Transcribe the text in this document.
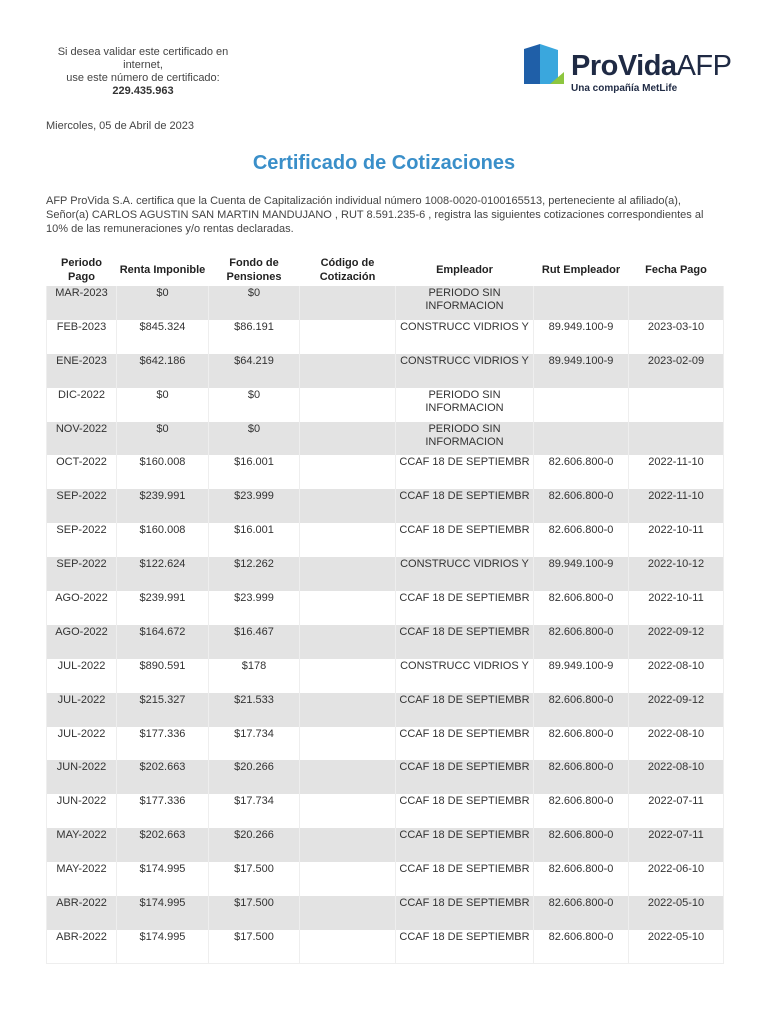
Si desea validar este certificado en
internet,
use este número de certificado:
229.435.963
ProVidaAFP
Una compañía MetLife
Miercoles, 05 de Abril de 2023
Certificado de Cotizaciones

AFP ProVida S.A. certifica que la Cuenta de Capitalización individual número 1008-0020-0100165513, perteneciente al afiliado(a), Señor(a) CARLOS AGUSTIN SAN MARTIN MANDUJANO , RUT 8.591.235-6 , registra las siguientes cotizaciones correspondientes al 10% de las remuneraciones y/o rentas declaradas.

Periodo Pago	Renta Imponible	Fondo de Pensiones	Código de Cotización	Empleador	Rut Empleador	Fecha Pago
MAR-2023	$0	$0		PERIODO SIN INFORMACION		
FEB-2023	$845.324	$86.191		CONSTRUCC VIDRIOS Y	89.949.100-9	2023-03-10
ENE-2023	$642.186	$64.219		CONSTRUCC VIDRIOS Y	89.949.100-9	2023-02-09
DIC-2022	$0	$0		PERIODO SIN INFORMACION		
NOV-2022	$0	$0		PERIODO SIN INFORMACION		
OCT-2022	$160.008	$16.001		CCAF 18 DE SEPTIEMBR	82.606.800-0	2022-11-10
SEP-2022	$239.991	$23.999		CCAF 18 DE SEPTIEMBR	82.606.800-0	2022-11-10
SEP-2022	$160.008	$16.001		CCAF 18 DE SEPTIEMBR	82.606.800-0	2022-10-11
SEP-2022	$122.624	$12.262		CONSTRUCC VIDRIOS Y	89.949.100-9	2022-10-12
AGO-2022	$239.991	$23.999		CCAF 18 DE SEPTIEMBR	82.606.800-0	2022-10-11
AGO-2022	$164.672	$16.467		CCAF 18 DE SEPTIEMBR	82.606.800-0	2022-09-12
JUL-2022	$890.591	$178		CONSTRUCC VIDRIOS Y	89.949.100-9	2022-08-10
JUL-2022	$215.327	$21.533		CCAF 18 DE SEPTIEMBR	82.606.800-0	2022-09-12
JUL-2022	$177.336	$17.734		CCAF 18 DE SEPTIEMBR	82.606.800-0	2022-08-10
JUN-2022	$202.663	$20.266		CCAF 18 DE SEPTIEMBR	82.606.800-0	2022-08-10
JUN-2022	$177.336	$17.734		CCAF 18 DE SEPTIEMBR	82.606.800-0	2022-07-11
MAY-2022	$202.663	$20.266		CCAF 18 DE SEPTIEMBR	82.606.800-0	2022-07-11
MAY-2022	$174.995	$17.500		CCAF 18 DE SEPTIEMBR	82.606.800-0	2022-06-10
ABR-2022	$174.995	$17.500		CCAF 18 DE SEPTIEMBR	82.606.800-0	2022-05-10
ABR-2022	$174.995	$17.500		CCAF 18 DE SEPTIEMBR	82.606.800-0	2022-05-10
